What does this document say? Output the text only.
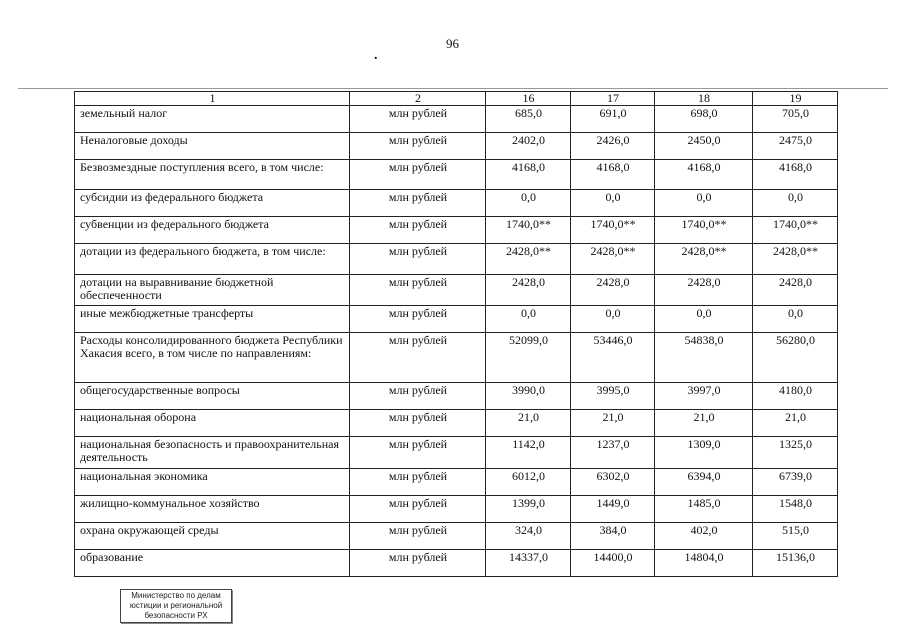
96
.
1	2	16	17	18	19
земельный налог	млн рублей	685,0	691,0	698,0	705,0
Неналоговые доходы	млн рублей	2402,0	2426,0	2450,0	2475,0
Безвозмездные поступления всего, в том числе:	млн рублей	4168,0	4168,0	4168,0	4168,0
субсидии из федерального бюджета	млн рублей	0,0	0,0	0,0	0,0
субвенции из федерального бюджета	млн рублей	1740,0**	1740,0**	1740,0**	1740,0**
дотации из федерального бюджета, в том числе:	млн рублей	2428,0**	2428,0**	2428,0**	2428,0**
дотации на выравнивание бюджетной обеспеченности	млн рублей	2428,0	2428,0	2428,0	2428,0
иные межбюджетные трансферты	млн рублей	0,0	0,0	0,0	0,0
Расходы консолидированного бюджета Республики Хакасия всего, в том числе по направлениям:	млн рублей	52099,0	53446,0	54838,0	56280,0
общегосударственные вопросы	млн рублей	3990,0	3995,0	3997,0	4180,0
национальная оборона	млн рублей	21,0	21,0	21,0	21,0
национальная безопасность и правоохранительная деятельность	млн рублей	1142,0	1237,0	1309,0	1325,0
национальная экономика	млн рублей	6012,0	6302,0	6394,0	6739,0
жилищно-коммунальное хозяйство	млн рублей	1399,0	1449,0	1485,0	1548,0
охрана окружающей среды	млн рублей	324,0	384,0	402,0	515,0
образование	млн рублей	14337,0	14400,0	14804,0	15136,0
Министерство по делам
юстиции и региональной
безопасности РХ
